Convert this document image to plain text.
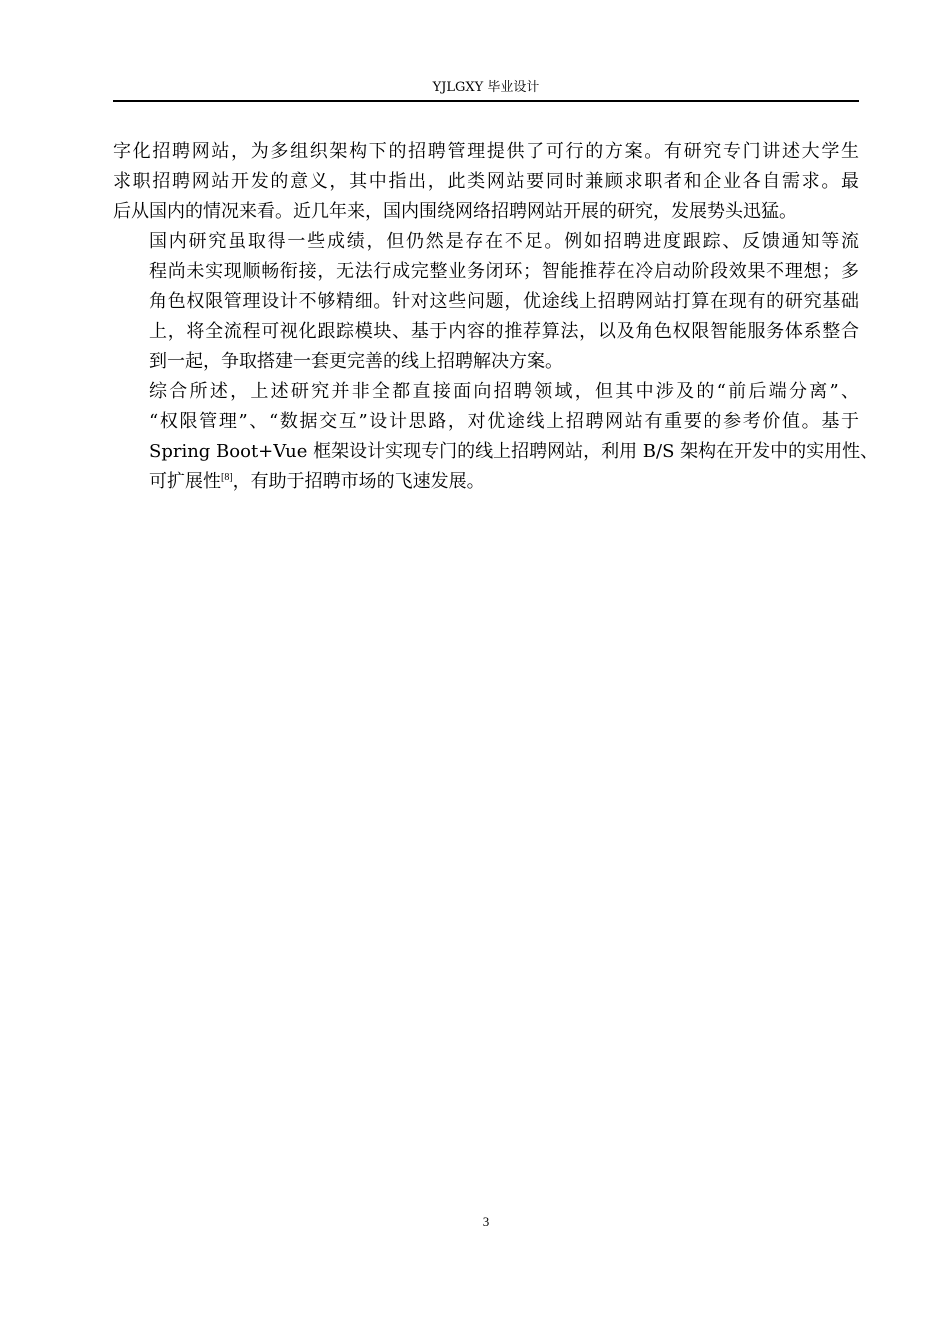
YJLGXY 毕业设计

字化招聘网站，为多组织架构下的招聘管理提供了可行的方案。有研究专门讲述大学生
求职招聘网站开发的意义，其中指出，此类网站要同时兼顾求职者和企业各自需求。最
后从国内的情况来看。近几年来，国内围绕网络招聘网站开展的研究，发展势头迅猛。

国内研究虽取得一些成绩，但仍然是存在不足。例如招聘进度跟踪、反馈通知等流
程尚未实现顺畅衔接，无法行成完整业务闭环；智能推荐在冷启动阶段效果不理想；多
角色权限管理设计不够精细。针对这些问题，优途线上招聘网站打算在现有的研究基础
上，将全流程可视化跟踪模块、基于内容的推荐算法，以及角色权限智能服务体系整合
到一起，争取搭建一套更完善的线上招聘解决方案。

综合所述，上述研究并非全都直接面向招聘领域，但其中涉及的“前后端分离”、
“权限管理”、“数据交互”设计思路，对优途线上招聘网站有重要的参考价值。基于
Spring Boot+Vue 框架设计实现专门的线上招聘网站，利用 B/S 架构在开发中的实用性、
可扩展性[8]，有助于招聘市场的飞速发展。

3
